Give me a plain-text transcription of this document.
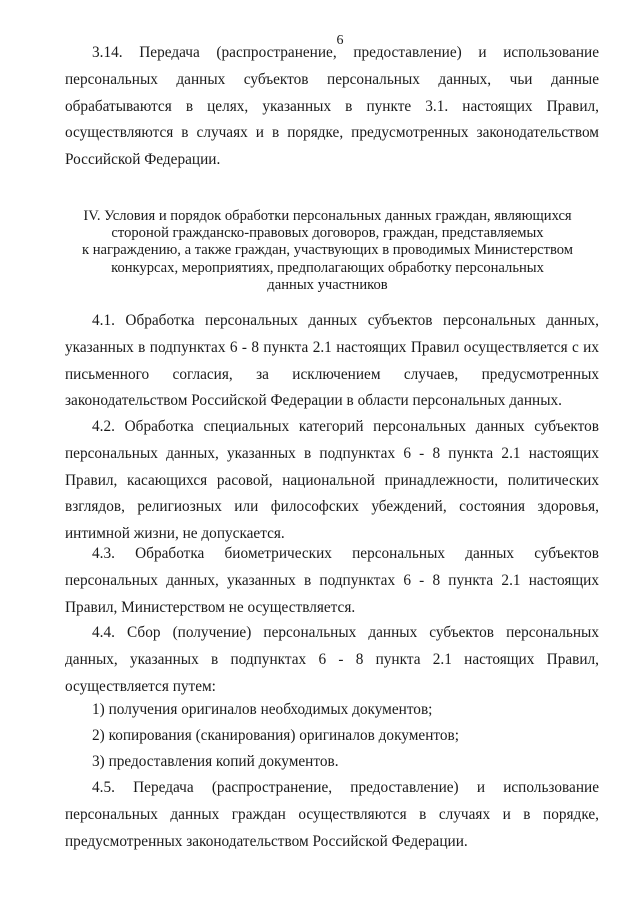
6

3.14. Передача (распространение, предоставление) и использование персональных данных субъектов персональных данных, чьи данные обрабатываются в целях, указанных в пункте 3.1. настоящих Правил, осуществляются в случаях и в порядке, предусмотренных законодательством Российской Федерации.

IV. Условия и порядок обработки персональных данных граждан, являющихся
стороной гражданско-правовых договоров, граждан, представляемых
к награждению, а также граждан, участвующих в проводимых Министерством
конкурсах, мероприятиях, предполагающих обработку персональных
данных участников

4.1. Обработка персональных данных субъектов персональных данных, указанных в подпунктах 6 - 8 пункта 2.1 настоящих Правил осуществляется с их письменного согласия, за исключением случаев, предусмотренных законодательством Российской Федерации в области персональных данных.

4.2. Обработка специальных категорий персональных данных субъектов персональных данных, указанных в подпунктах 6 - 8 пункта 2.1 настоящих Правил, касающихся расовой, национальной принадлежности, политических взглядов, религиозных или философских убеждений, состояния здоровья, интимной жизни, не допускается.

4.3. Обработка биометрических персональных данных субъектов персональных данных, указанных в подпунктах 6 - 8 пункта 2.1 настоящих Правил, Министерством не осуществляется.

4.4. Сбор (получение) персональных данных субъектов персональных данных, указанных в подпунктах 6 - 8 пункта 2.1 настоящих Правил, осуществляется путем:

1) получения оригиналов необходимых документов;

2) копирования (сканирования) оригиналов документов;

3) предоставления копий документов.

4.5. Передача (распространение, предоставление) и использование персональных данных граждан осуществляются в случаях и в порядке, предусмотренных законодательством Российской Федерации.
